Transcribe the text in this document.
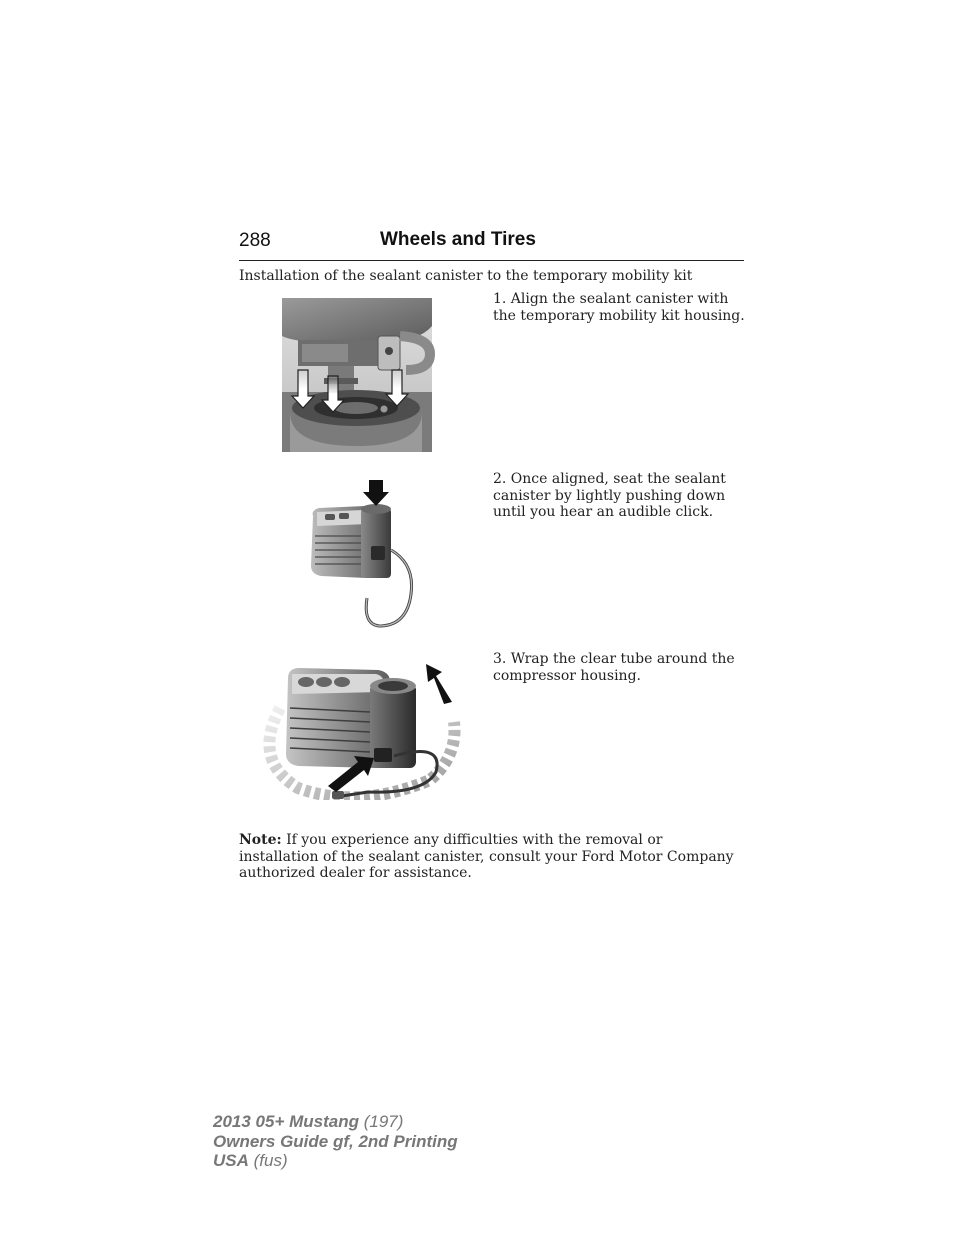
288	Wheels and Tires
Installation of the sealant canister to the temporary mobility kit
1. Align the sealant canister with the temporary mobility kit housing.
2. Once aligned, seat the sealant canister by lightly pushing down until you hear an audible click.
3. Wrap the clear tube around the compressor housing.
Note: If you experience any difficulties with the removal or installation of the sealant canister, consult your Ford Motor Company authorized dealer for assistance.
2013 05+ Mustang (197)
Owners Guide gf, 2nd Printing
USA (fus)
